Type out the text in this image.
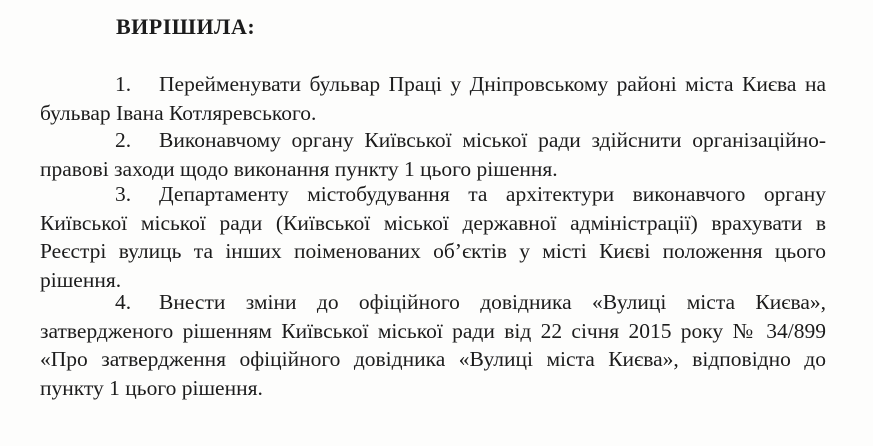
ВИРІШИЛА:
1. Перейменувати бульвар Праці у Дніпровському районі міста Києва на бульвар Івана Котляревського.
2. Виконавчому органу Київської міської ради здійснити організаційно-правові заходи щодо виконання пункту 1 цього рішення.
3. Департаменту містобудування та архітектури виконавчого органу Київської міської ради (Київської міської державної адміністрації) врахувати в Реєстрі вулиць та інших поіменованих об’єктів у місті Києві положення цього рішення.
4. Внести зміни до офіційного довідника «Вулиці міста Києва», затвердженого рішенням Київської міської ради від 22 січня 2015 року № 34/899 «Про затвердження офіційного довідника «Вулиці міста Києва», відповідно до пункту 1 цього рішення.
